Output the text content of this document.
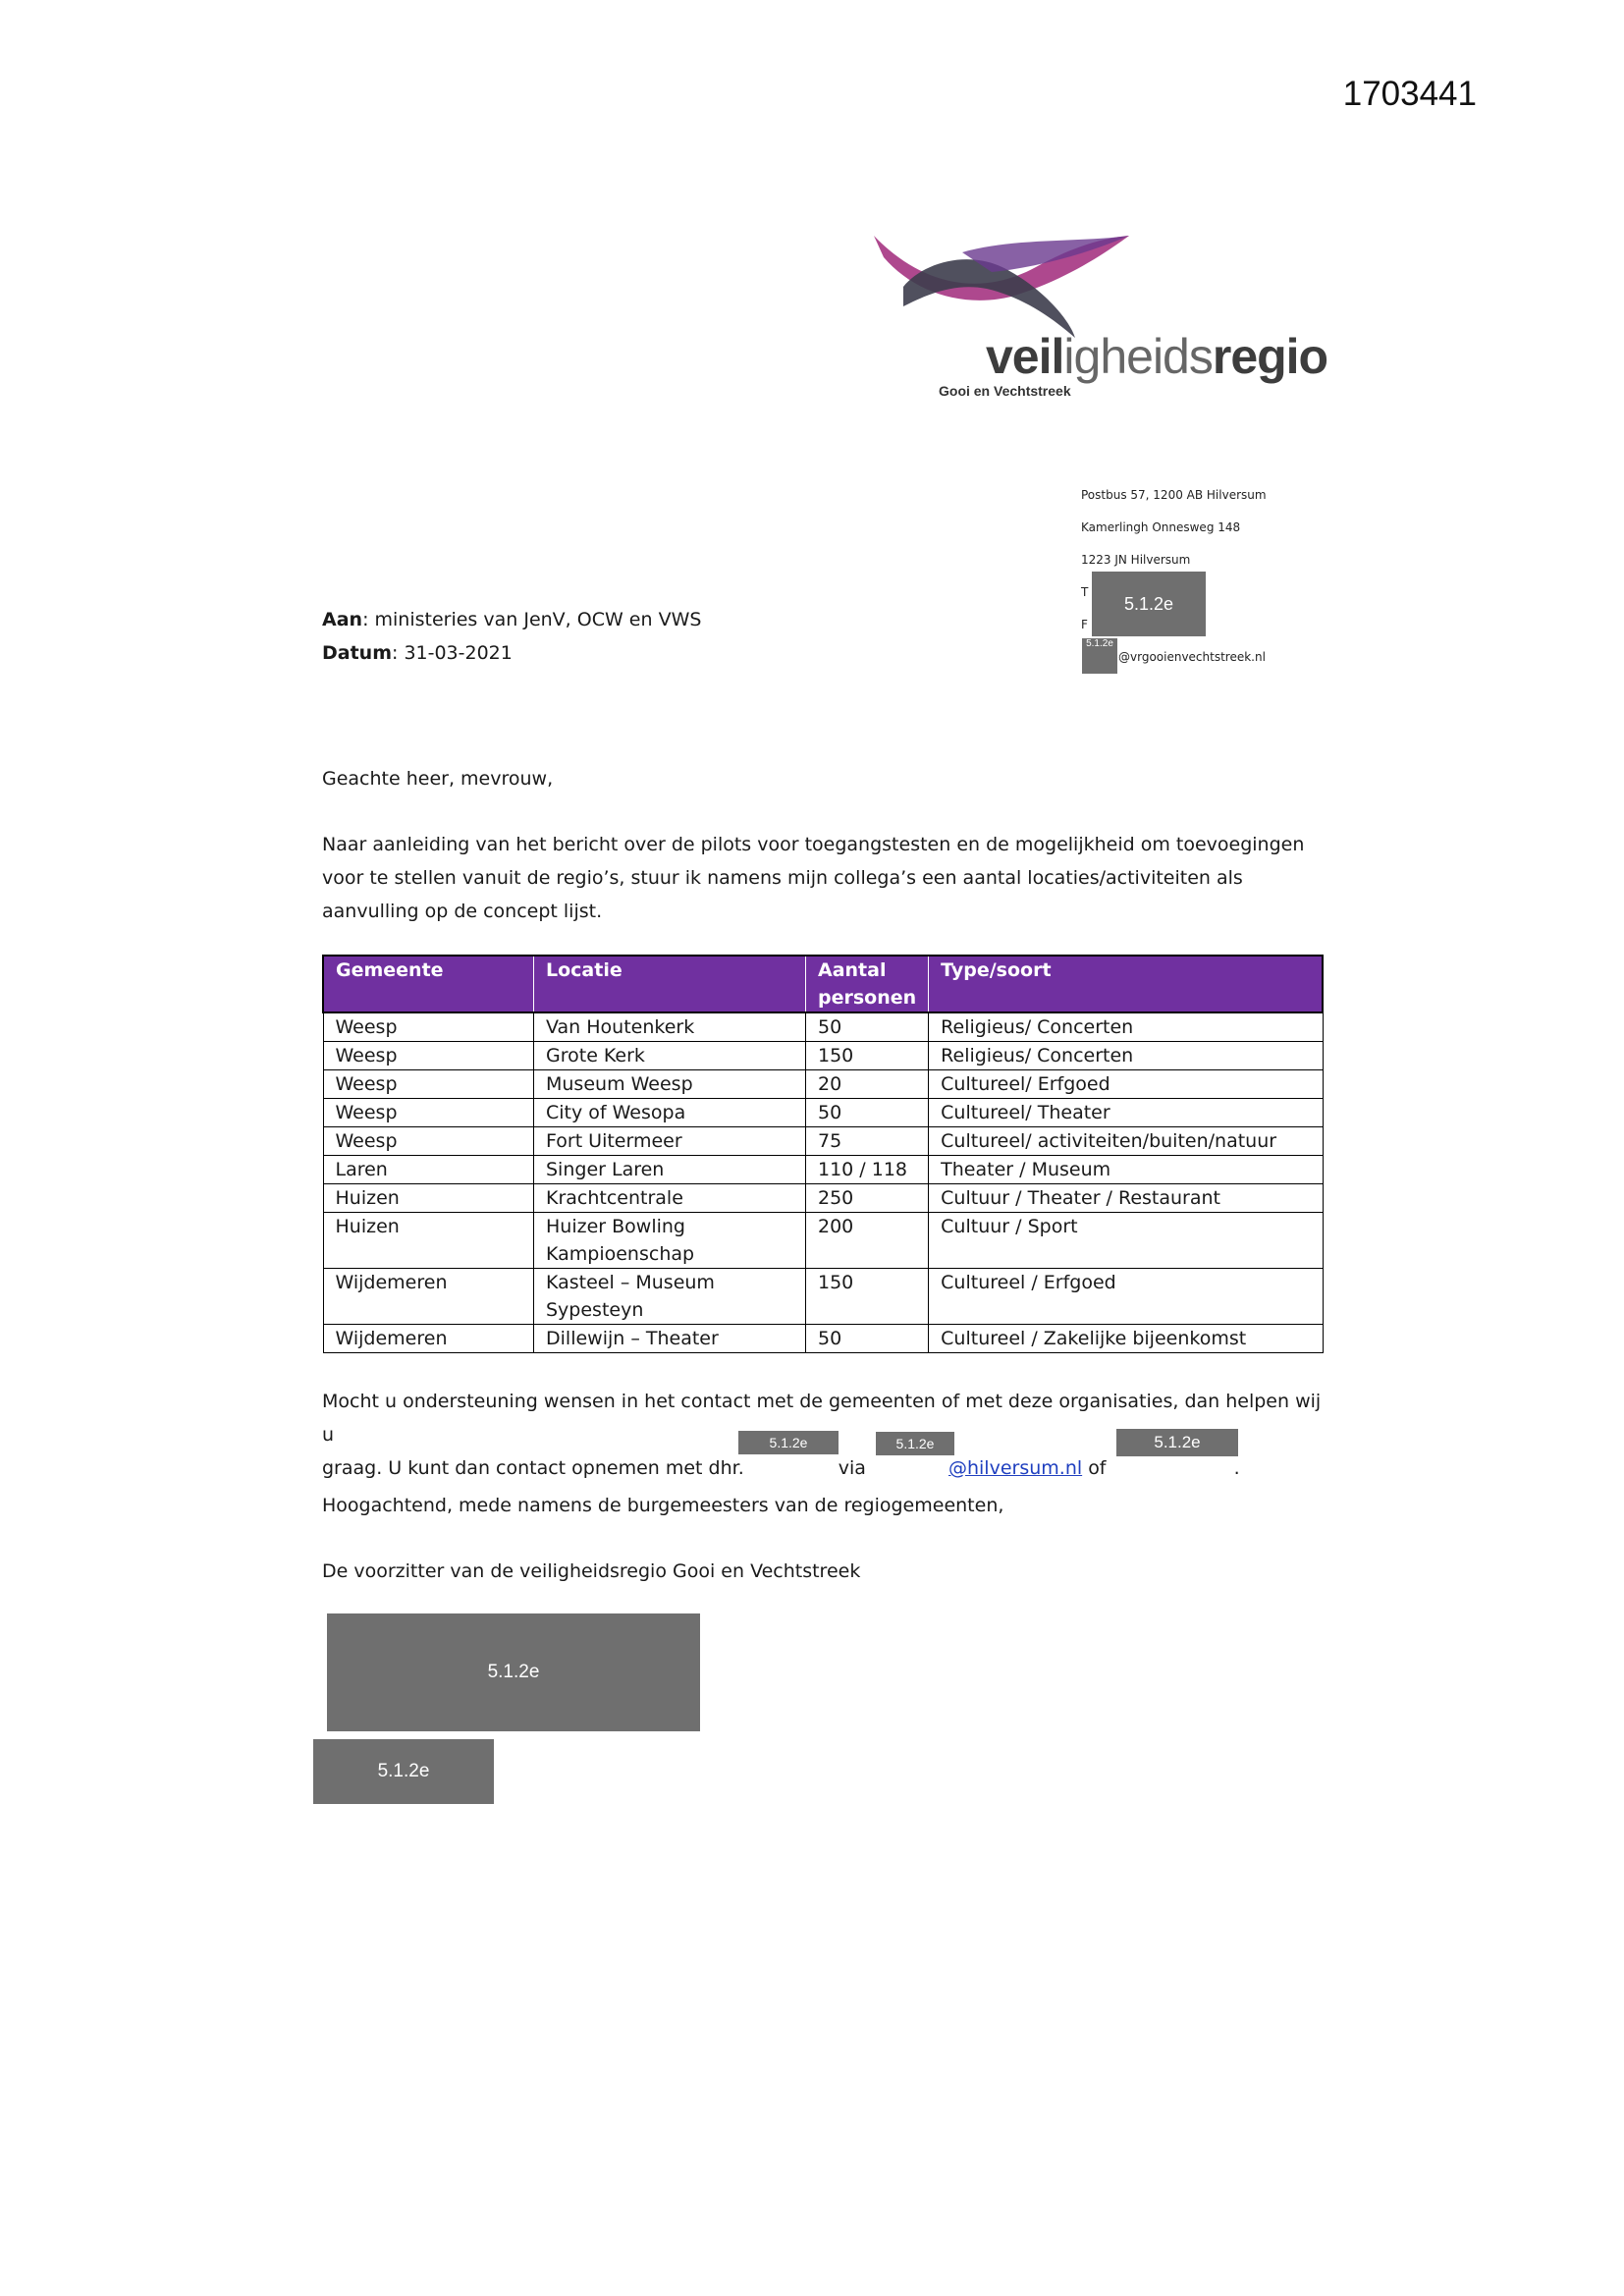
1703441
veiligheidsregio
Gooi en Vechtstreek
Postbus 57, 1200 AB Hilversum
Kamerlingh Onnesweg 148
1223 JN Hilversum
T
F
@vrgooienvechtstreek.nl
5.1.2e
5.1.2e
Aan: ministeries van JenV, OCW en VWS
Datum: 31-03-2021
Geachte heer, mevrouw,
Naar aanleiding van het bericht over de pilots voor toegangstesten en de mogelijkheid om toevoegingen voor te stellen vanuit de regio’s, stuur ik namens mijn collega’s een aantal locaties/activiteiten als aanvulling op de concept lijst.
Gemeente	Locatie	Aantal personen	Type/soort
Weesp	Van Houtenkerk	50	Religieus/ Concerten
Weesp	Grote Kerk	150	Religieus/ Concerten
Weesp	Museum Weesp	20	Cultureel/ Erfgoed
Weesp	City of Wesopa	50	Cultureel/ Theater
Weesp	Fort Uitermeer	75	Cultureel/ activiteiten/buiten/natuur
Laren	Singer Laren	110 / 118	Theater / Museum
Huizen	Krachtcentrale	250	Cultuur / Theater / Restaurant
Huizen	Huizer Bowling Kampioenschap	200	Cultuur / Sport
Wijdemeren	Kasteel – Museum Sypesteyn	150	Cultureel / Erfgoed
Wijdemeren	Dillewijn – Theater	50	Cultureel / Zakelijke bijeenkomst
Mocht u ondersteuning wensen in het contact met de gemeenten of met deze organisaties, dan helpen wij u
graag. U kunt dan contact opnemen met dhr.	via	@hilversum.nl of	.
5.1.2e	5.1.2e	5.1.2e
Hoogachtend, mede namens de burgemeesters van de regiogemeenten,
De voorzitter van de veiligheidsregio Gooi en Vechtstreek
5.1.2e
5.1.2e
